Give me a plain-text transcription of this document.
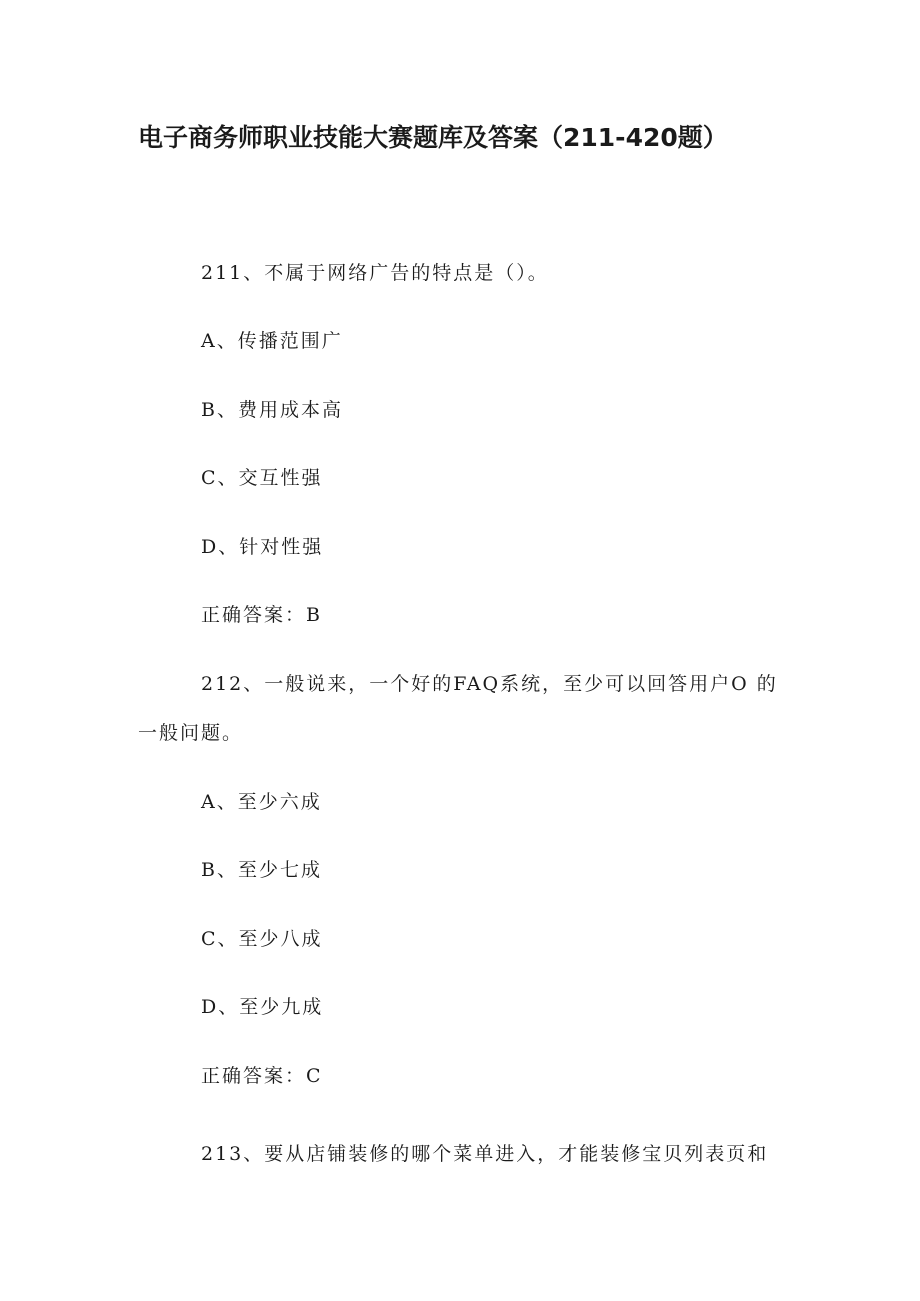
电子商务师职业技能大赛题库及答案（211-420题）
211、不属于网络广告的特点是（）。
A、传播范围广
B、费用成本高
C、交互性强
D、针对性强
正确答案：B
212、一般说来，一个好的FAQ系统，至少可以回答用户O 的
一般问题。
A、至少六成
B、至少七成
C、至少八成
D、至少九成
正确答案：C
213、要从店铺装修的哪个菜单进入，才能装修宝贝列表页和
